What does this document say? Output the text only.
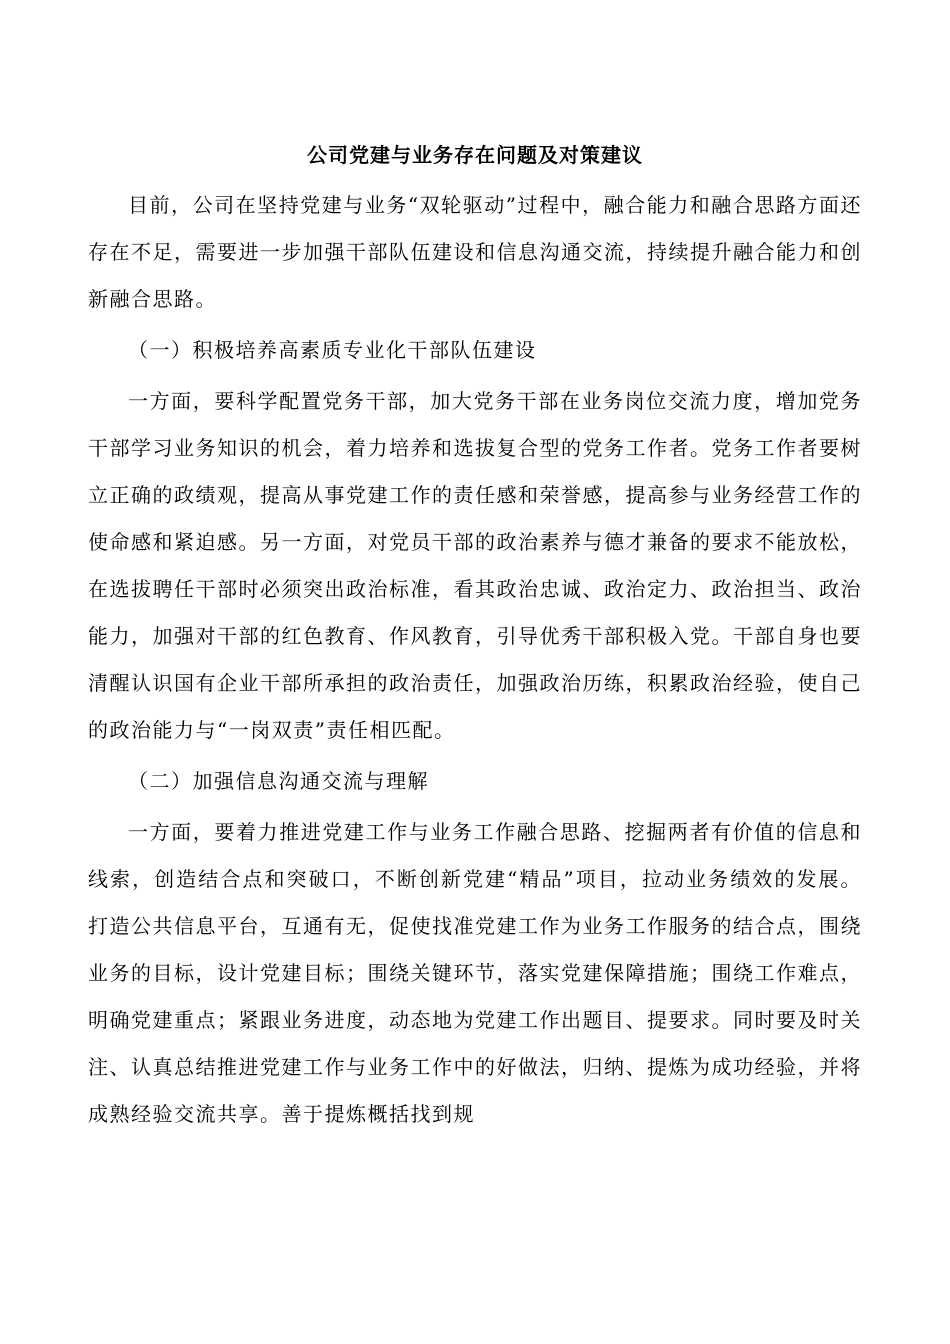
公司党建与业务存在问题及对策建议

目前，公司在坚持党建与业务“双轮驱动”过程中，融合能力和融合思路方面还存在不足，需要进一步加强干部队伍建设和信息沟通交流，持续提升融合能力和创新融合思路。

（一）积极培养高素质专业化干部队伍建设

一方面，要科学配置党务干部，加大党务干部在业务岗位交流力度，增加党务干部学习业务知识的机会，着力培养和选拔复合型的党务工作者。党务工作者要树立正确的政绩观，提高从事党建工作的责任感和荣誉感，提高参与业务经营工作的使命感和紧迫感。另一方面，对党员干部的政治素养与德才兼备的要求不能放松，在选拔聘任干部时必须突出政治标准，看其政治忠诚、政治定力、政治担当、政治能力，加强对干部的红色教育、作风教育，引导优秀干部积极入党。干部自身也要清醒认识国有企业干部所承担的政治责任，加强政治历练，积累政治经验，使自己的政治能力与“一岗双责”责任相匹配。

（二）加强信息沟通交流与理解

一方面，要着力推进党建工作与业务工作融合思路、挖掘两者有价值的信息和线索，创造结合点和突破口，不断创新党建“精品”项目，拉动业务绩效的发展。打造公共信息平台，互通有无，促使找准党建工作为业务工作服务的结合点，围绕业务的目标，设计党建目标；围绕关键环节，落实党建保障措施；围绕工作难点，明确党建重点；紧跟业务进度，动态地为党建工作出题目、提要求。同时要及时关注、认真总结推进党建工作与业务工作中的好做法，归纳、提炼为成功经验，并将成熟经验交流共享。善于提炼概括找到规
